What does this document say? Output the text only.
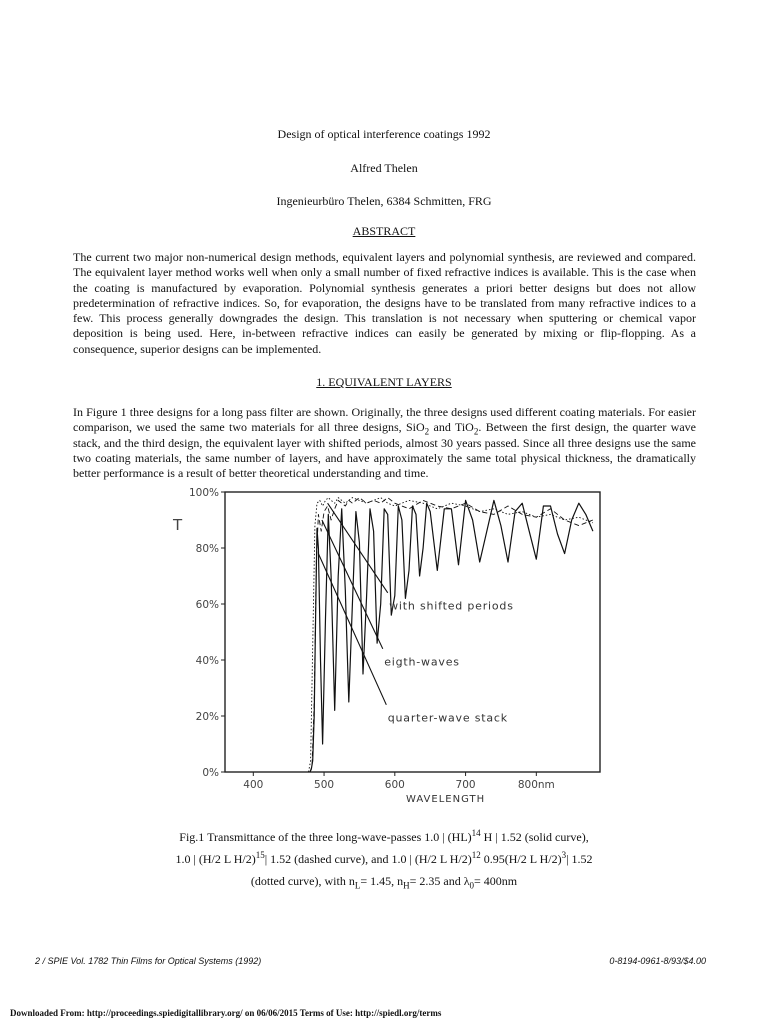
Design of optical interference coatings 1992
Alfred Thelen
Ingenieurbüro Thelen, 6384 Schmitten, FRG
ABSTRACT

The current two major non-numerical design methods, equivalent layers and polynomial synthesis, are reviewed and compared. The equivalent layer method works well when only a small number of fixed refractive indices is available. This is the case when the coating is manufactured by evaporation. Polynomial synthesis generates a priori better designs but does not allow predetermination of refractive indices. So, for evaporation, the designs have to be translated from many refractive indices to a few. This process generally downgrades the design. This translation is not necessary when sputtering or chemical vapor deposition is being used. Here, in-between refractive indices can easily be generated by mixing or flip-flopping. As a consequence, superior designs can be implemented.

1. EQUIVALENT LAYERS

In Figure 1 three designs for a long pass filter are shown. Originally, the three designs used different coating materials. For easier comparison, we used the same two materials for all three designs, SiO$_2$ and TiO$_2$. Between the first design, the quarter wave stack, and the third design, the equivalent layer with shifted periods, almost 30 years passed. Since all three designs use the same two coating materials, the same number of layers, and have approximately the same total physical thickness, the dramatically better performance is a result of better theoretical understanding and time.

0%
20%
40%
60%
80%
100%
400	500	600	700	800nm
with shifted periods
eigth-waves
quarter-wave stack
T
WAVELENGTH
Fig.1 Transmittance of the three long-wave-passes 1.0 | (HL)$^{14}$ H | 1.52 (solid curve),
1.0 | (H/2 L H/2)$^{15}$| 1.52 (dashed curve), and 1.0 | (H/2 L H/2)$^{12}$ 0.95(H/2 L H/2)$^3$| 1.52
(dotted curve), with $n_L= 1.45$, $n_H= 2.35$ and $\lambda_0= 400nm$
2 / SPIE Vol. 1782 Thin Films for Optical Systems (1992)	0-8194-0961-8/93/$4.00
Downloaded From: http://proceedings.spiedigitallibrary.org/ on 06/06/2015 Terms of Use: http://spiedl.org/terms
